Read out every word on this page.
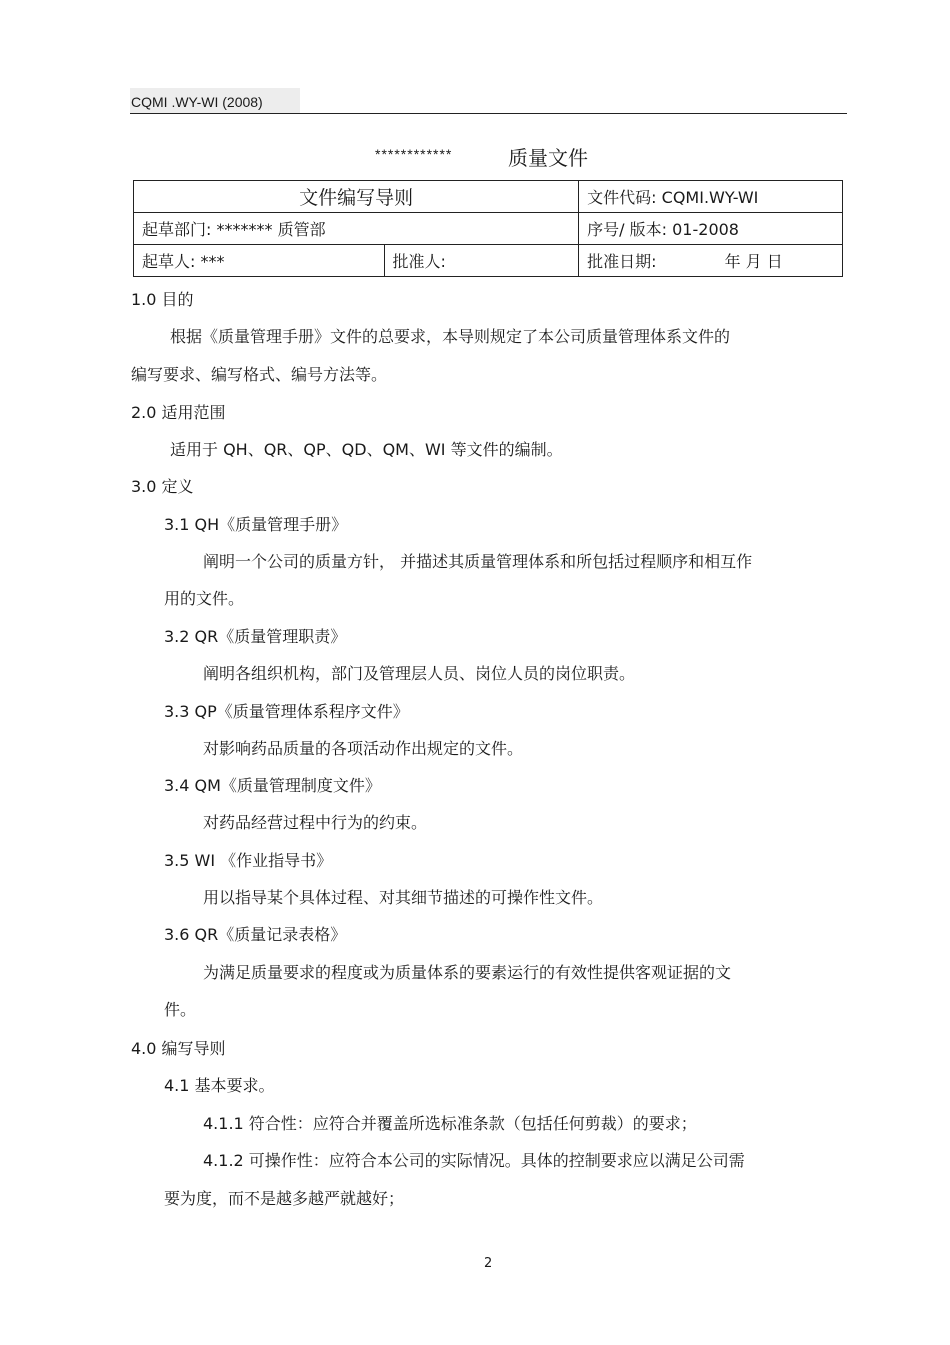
CQMI .WY-WI (2008)
************	质量文件
文件编写导则		文件代码: CQMI.WY-WI
起草部门: ******* 质管部		序号/ 版本: 01-2008
起草人: ***	批准人:	批准日期: 年 月 日
1.0 目的
根据《质量管理手册》文件的总要求，本导则规定了本公司质量管理体系文件的
编写要求、编写格式、编号方法等。
2.0 适用范围
适用于 QH、QR、QP、QD、QM、WI 等文件的编制。
3.0 定义
3.1 QH《质量管理手册》
阐明一个公司的质量方针， 并描述其质量管理体系和所包括过程顺序和相互作
用的文件。
3.2 QR《质量管理职责》
阐明各组织机构，部门及管理层人员、岗位人员的岗位职责。
3.3 QP《质量管理体系程序文件》
对影响药品质量的各项活动作出规定的文件。
3.4 QM《质量管理制度文件》
对药品经营过程中行为的约束。
3.5 WI 《作业指导书》
用以指导某个具体过程、对其细节描述的可操作性文件。
3.6 QR《质量记录表格》
为满足质量要求的程度或为质量体系的要素运行的有效性提供客观证据的文
件。
4.0 编写导则
4.1 基本要求。
4.1.1 符合性：应符合并覆盖所选标准条款（包括任何剪裁）的要求；
4.1.2 可操作性：应符合本公司的实际情况。具体的控制要求应以满足公司需
要为度，而不是越多越严就越好；
2
